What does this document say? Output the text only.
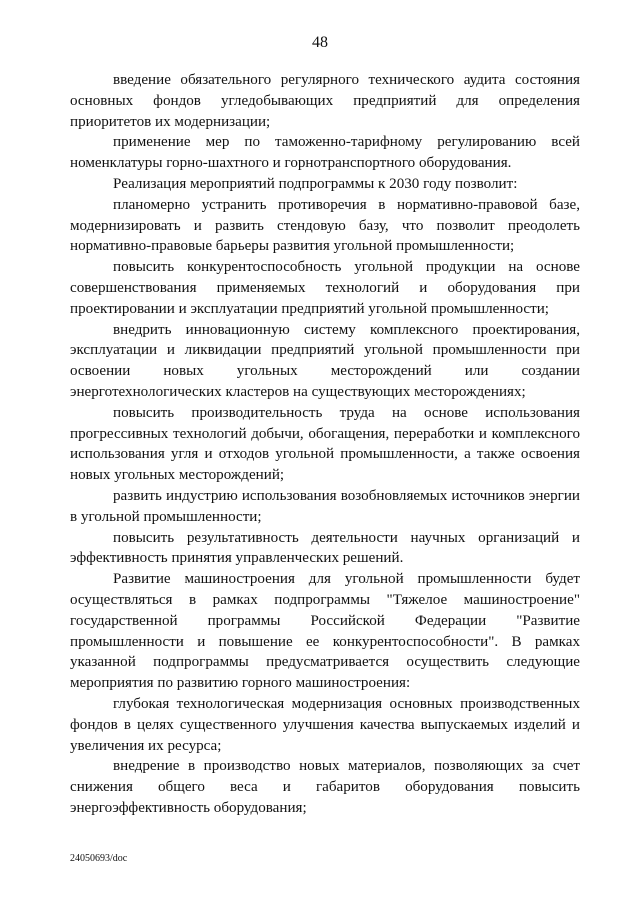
48

введение обязательного регулярного технического аудита состояния основных фондов угледобывающих предприятий для определения приоритетов их модернизации;

применение мер по таможенно-тарифному регулированию всей номенклатуры горно-шахтного и горнотранспортного оборудования.

Реализация мероприятий подпрограммы к 2030 году позволит:

планомерно устранить противоречия в нормативно-правовой базе, модернизировать и развить стендовую базу, что позволит преодолеть нормативно-правовые барьеры развития угольной промышленности;

повысить конкурентоспособность угольной продукции на основе совершенствования применяемых технологий и оборудования при проектировании и эксплуатации предприятий угольной промышленности;

внедрить инновационную систему комплексного проектирования, эксплуатации и ликвидации предприятий угольной промышленности при освоении новых угольных месторождений или создании энерготехнологических кластеров на существующих месторождениях;

повысить производительность труда на основе использования прогрессивных технологий добычи, обогащения, переработки и комплексного использования угля и отходов угольной промышленности, а также освоения новых угольных месторождений;

развить индустрию использования возобновляемых источников энергии в угольной промышленности;

повысить результативность деятельности научных организаций и эффективность принятия управленческих решений.

Развитие машиностроения для угольной промышленности будет осуществляться в рамках подпрограммы "Тяжелое машиностроение" государственной программы Российской Федерации "Развитие промышленности и повышение ее конкурентоспособности". В рамках указанной подпрограммы предусматривается осуществить следующие мероприятия по развитию горного машиностроения:

глубокая технологическая модернизация основных производственных фондов в целях существенного улучшения качества выпускаемых изделий и увеличения их ресурса;

внедрение в производство новых материалов, позволяющих за счет снижения общего веса и габаритов оборудования повысить энергоэффективность оборудования;

24050693/doc
